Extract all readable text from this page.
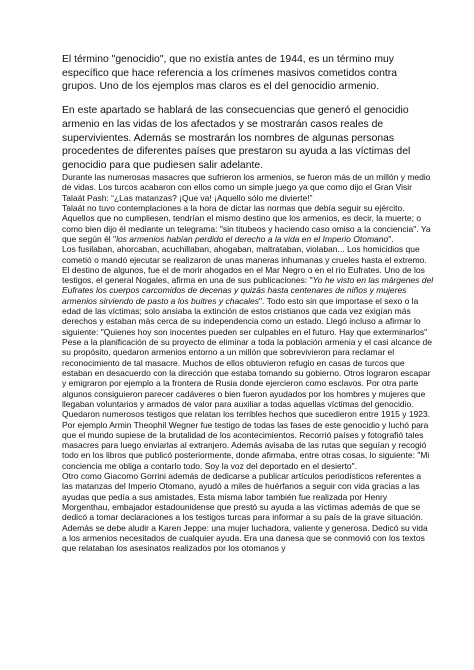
El término "genocidio", que no existía antes de 1944, es un término muy específico que hace referencia a los crímenes masivos cometidos contra grupos. Uno de los ejemplos mas claros es el del genocidio armenio.

En este apartado se hablará de las consecuencias que generó el genocidio armenio en las vidas de los afectados y se mostrarán casos reales de supervivientes. Además se mostrarán los nombres de algunas personas procedentes de diferentes países que prestaron su ayuda a las víctimas del genocidio para que pudiesen salir adelante.

Durante las numerosas masacres que sufrieron los armenios, se fueron más de un millón y medio de vidas. Los turcos acabaron con ellos como un simple juego ya que como dijo el Gran Visir Talaát Pash: “¿Las matanzas? ¡Que va! ¡Aquello sólo me divierte!”

Talaát no tuvo contemplaciones a la hora de dictar las normas que debía seguir su ejército. Aquellos que no cumpliesen, tendrían el mismo destino que los armenios, es decir, la muerte; o como bien dijo él mediante un telegrama: "sin titubeos y haciendo caso omiso a la conciencia". Ya que según él "los armenios habían perdido el derecho a la vida en el Imperio Otomano".

Los fusilaban, ahorcaban, acuchillaban, ahogaban, maltrataban, violaban... Los homicidios que cometió o mandó ejecutar se realizaron de unas maneras inhumanas y crueles hasta el extremo. El destino de algunos, fue el de morir ahogados en el Mar Negro o en el río Eufrates. Uno de los testigos, el general Nogales, afirma en una de sus publicaciones: "Yo he visto en las márgenes del Eufrates los cuerpos carcomidos de decenas y quizás hasta centenares de niños y mujeres armenios sirviendo de pasto a los buitres y chacales". Todo esto sin que importase el sexo o la edad de las víctimas; solo ansiaba la extinción de estos cristianos que cada vez exigían más derechos y estaban más cerca de su independencia como un estado. Llegó incluso a afirmar lo siguiente: "Quienes hoy son inocentes pueden ser culpables en el futuro. Hay que exterminarlos"

Pese a la planificación de su proyecto de eliminar a toda la población armenia y el casi alcance de su propósito, quedaron armenios entorno a un millón que sobrevivieron para reclamar el reconocimiento de tal masacre. Muchos de ellos obtuvieron refugio en casas de turcos que estaban en desacuerdo con la dirección que estaba tomando su gobierno. Otros lograron escapar y emigraron por ejemplo a la frontera de Rusia donde ejercieron como esclavos. Por otra parte algunos consiguieron parecer cadáveres o bien fueron ayudados por los hombres y mujeres que llegaban voluntarios y armados de valor para auxiliar a todas aquellas víctimas del genocidio.

Quedaron numerosos testigos que relatan los terribles hechos que sucedieron entre 1915 y 1923. Por ejemplo Armin Theophil Wegner fue testigo de todas las fases de este genocidio y luchó para que el mundo supiese de la brutalidad de los acontecimientos. Recorrió países y fotografió tales masacres para luego enviarlas al extranjero. Además avisaba de las rutas que seguían y recogió todo en los libros que publicó posteriormente, donde afirmaba, entre otras cosas, lo siguiente: "Mi conciencia me obliga a contarlo todo. Soy la voz del deportado en el desierto".

Otro como Giacomo Gorrini además de dedicarse a publicar artículos periodísticos referentes a las matanzas del Imperio Otomano, ayudó a miles de huérfanos a seguir con vida gracias a las ayudas que pedía a sus amistades. Esta misma labor también fue realizada por Henry Morgenthau, embajador estadounidense que prestó su ayuda a las víctimas además de que se dedicó a tomar declaraciones a los testigos turcas para informar a su país de la grave situación.

Además se debe aludir a Karen Jeppe: una mujer luchadora, valiente y generosa. Dedicó su vida a los armenios necesitados de cualquier ayuda. Era una danesa que se conmovió con los textos que relataban los asesinatos realizados por los otomanos y
